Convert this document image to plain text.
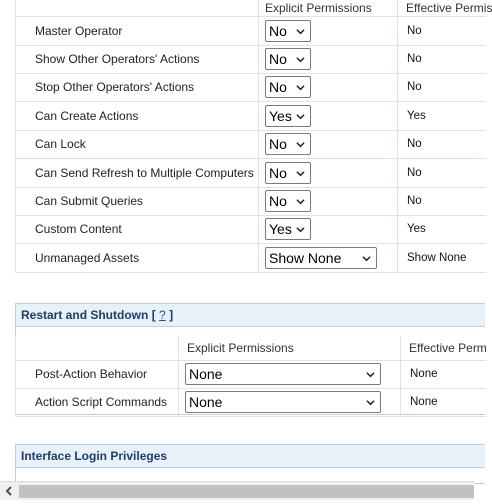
	Explicit Permissions	Effective Permis
Master Operator	No	No
Show Other Operators' Actions	No	No
Stop Other Operators' Actions	No	No
Can Create Actions	Yes	Yes
Can Lock	No	No
Can Send Refresh to Multiple Computers	No	No
Can Submit Queries	No	No
Custom Content	Yes	Yes
Unmanaged Assets	Show None	Show None
Restart and Shutdown [ ? ]
	Explicit Permissions	Effective Perm
Post-Action Behavior	None	None
Action Script Commands	None	None
Interface Login Privileges
